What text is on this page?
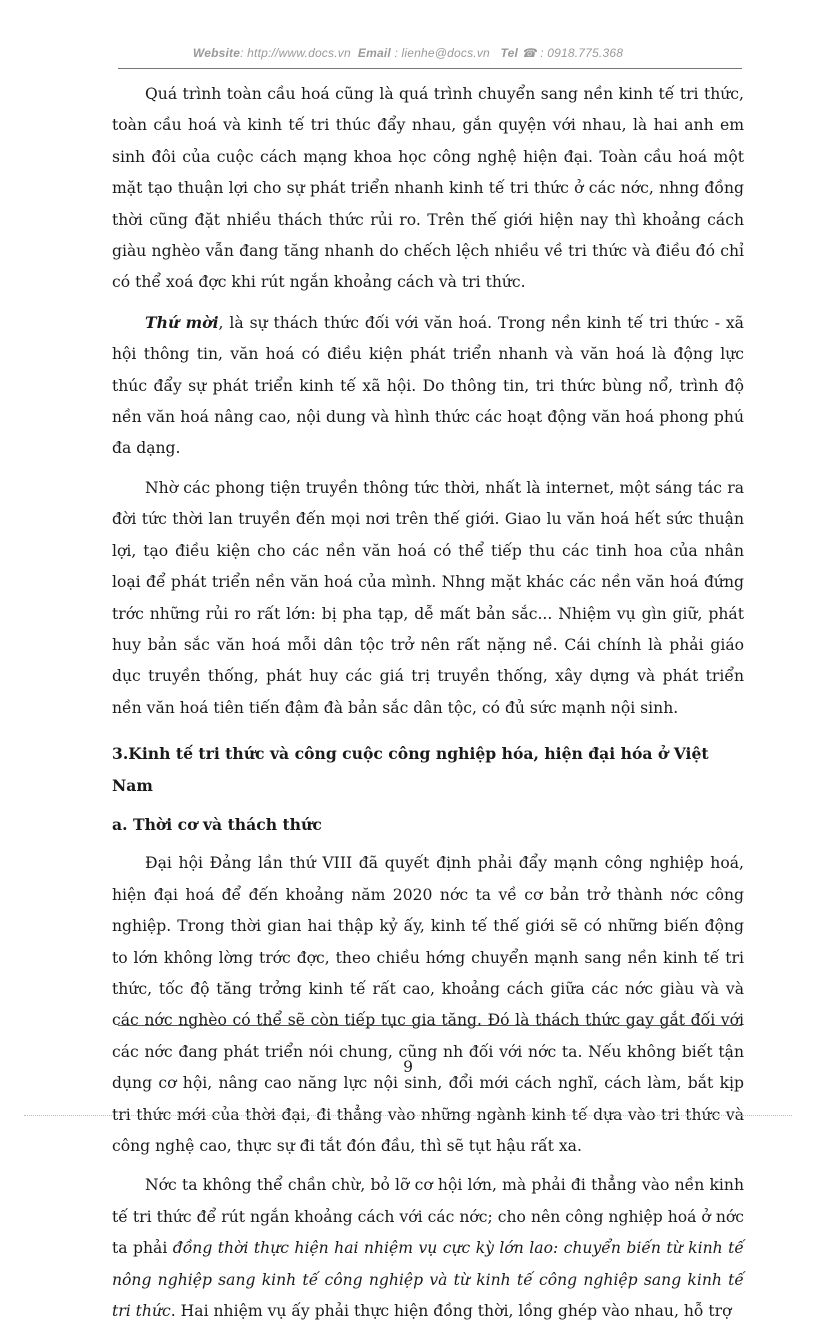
Website: http://www.docs.vn Email : lienhe@docs.vn Tel ☎ : 0918.775.368

Quá trình toàn cầu hoá cũng là quá trình chuyển sang nền kinh tế tri thức, toàn cầu hoá và kinh tế tri thúc đẩy nhau, gắn quyện với nhau, là hai anh em sinh đôi của cuộc cách mạng khoa học công nghệ hiện đại. Toàn cầu hoá một mặt tạo thuận lợi cho sự phát triển nhanh kinh tế tri thức ở các nớc, nhng đồng thời cũng đặt nhiều thách thức rủi ro. Trên thế giới hiện nay thì khoảng cách giàu nghèo vẫn đang tăng nhanh do chếch lệch nhiều về tri thức và điều đó chỉ có thể xoá đợc khi rút ngắn khoảng cách và tri thức.

Thứ mời, là sự thách thức đối với văn hoá. Trong nền kinh tế tri thức - xã hội thông tin, văn hoá có điều kiện phát triển nhanh và văn hoá là động lực thúc đẩy sự phát triển kinh tế xã hội. Do thông tin, tri thức bùng nổ, trình độ nền văn hoá nâng cao, nội dung và hình thức các hoạt động văn hoá phong phú đa dạng.

Nhờ các phong tiện truyền thông tức thời, nhất là internet, một sáng tác ra đời tức thời lan truyền đến mọi nơi trên thế giới. Giao lu văn hoá hết sức thuận lợi, tạo điều kiện cho các nền văn hoá có thể tiếp thu các tinh hoa của nhân loại để phát triển nền văn hoá của mình. Nhng mặt khác các nền văn hoá đứng trớc những rủi ro rất lớn: bị pha tạp, dễ mất bản sắc... Nhiệm vụ gìn giữ, phát huy bản sắc văn hoá mỗi dân tộc trở nên rất nặng nề. Cái chính là phải giáo dục truyền thống, phát huy các giá trị truyền thống, xây dựng và phát triển nền văn hoá tiên tiến đậm đà bản sắc dân tộc, có đủ sức mạnh nội sinh.

3.Kinh tế tri thức và công cuộc công nghiệp hóa, hiện đại hóa ở Việt Nam
a. Thời cơ và thách thức

Đại hội Đảng lần thứ VIII đã quyết định phải đẩy mạnh công nghiệp hoá, hiện đại hoá để đến khoảng năm 2020 nớc ta về cơ bản trở thành nớc công nghiệp. Trong thời gian hai thập kỷ ấy, kinh tế thế giới sẽ có những biến động to lớn không lờng trớc đợc, theo chiều hớng chuyển mạnh sang nền kinh tế tri thức, tốc độ tăng trởng kinh tế rất cao, khoảng cách giữa các nớc giàu và và các nớc nghèo có thể sẽ còn tiếp tục gia tăng. Đó là thách thức gay gắt đối với các nớc đang phát triển nói chung, cũng nh đối với nớc ta. Nếu không biết tận dụng cơ hội, nâng cao năng lực nội sinh, đổi mới cách nghĩ, cách làm, bắt kịp tri thức mới của thời đại, đi thẳng vào những ngành kinh tế dựa vào tri thức và công nghệ cao, thực sự đi tắt đón đầu, thì sẽ tụt hậu rất xa.

Nớc ta không thể chần chừ, bỏ lỡ cơ hội lớn, mà phải đi thẳng vào nền kinh tế tri thức để rút ngắn khoảng cách với các nớc; cho nên công nghiệp hoá ở nớc ta phải đồng thời thực hiện hai nhiệm vụ cực kỳ lớn lao: chuyển biến từ kinh tế nông nghiệp sang kinh tế công nghiệp và từ kinh tế công nghiệp sang kinh tế tri thức. Hai nhiệm vụ ấy phải thực hiện đồng thời, lồng ghép vào nhau, hỗ trợ

9
